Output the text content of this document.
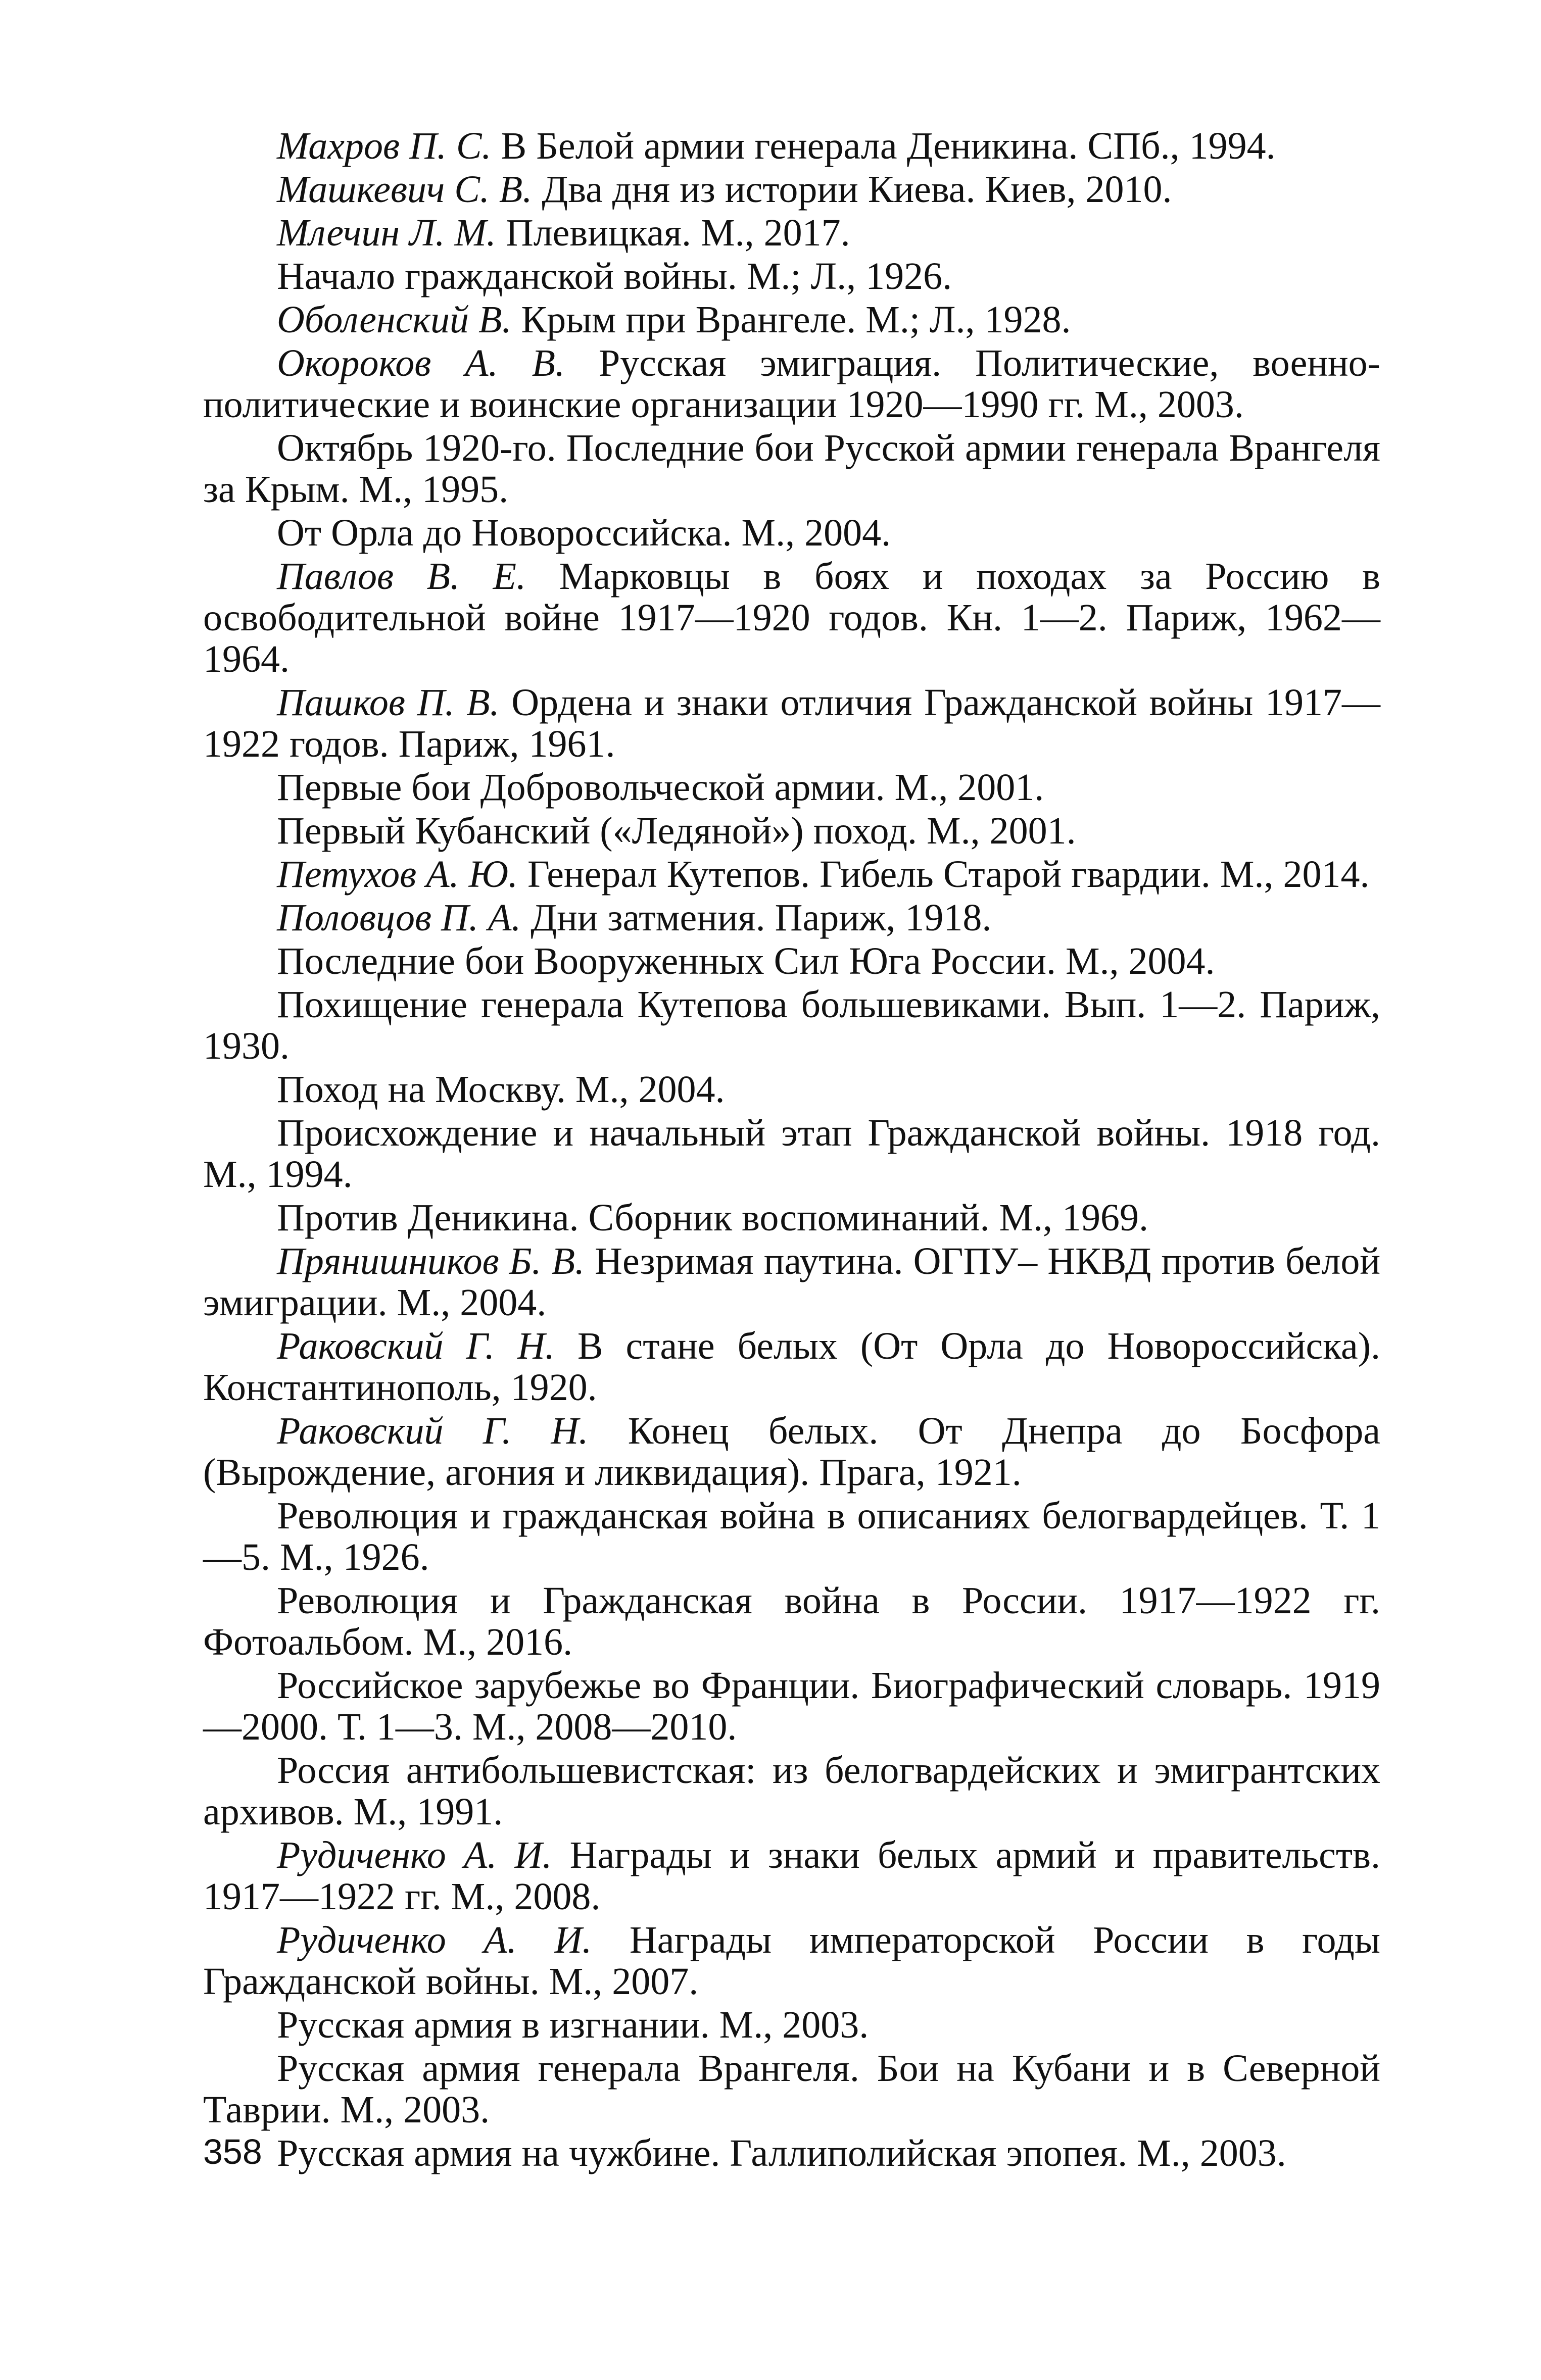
Махров П. С. В Белой армии генерала Деникина. СПб., 1994.
Машкевич С. В. Два дня из истории Киева. Киев, 2010.
Млечин Л. М. Плевицкая. М., 2017.
Начало гражданской войны. М.; Л., 1926.
Оболенский В. Крым при Врангеле. М.; Л., 1928.
Окороков А. В. Русская эмиграция. Политические, военно-политические и воинские организации 1920—1990 гг. М., 2003.
Октябрь 1920-го. Последние бои Русской армии генерала Врангеля за Крым. М., 1995.
От Орла до Новороссийска. М., 2004.
Павлов В. Е. Марковцы в боях и походах за Россию в освободительной войне 1917—1920 годов. Кн. 1—2. Париж, 1962—1964.
Пашков П. В. Ордена и знаки отличия Гражданской войны 1917—1922 годов. Париж, 1961.
Первые бои Добровольческой армии. М., 2001.
Первый Кубанский («Ледяной») поход. М., 2001.
Петухов А. Ю. Генерал Кутепов. Гибель Старой гвардии. М., 2014.
Половцов П. А. Дни затмения. Париж, 1918.
Последние бои Вооруженных Сил Юга России. М., 2004.
Похищение генерала Кутепова большевиками. Вып. 1—2. Париж, 1930.
Поход на Москву. М., 2004.
Происхождение и начальный этап Гражданской войны. 1918 год. М., 1994.
Против Деникина. Сборник воспоминаний. М., 1969.
Прянишников Б. В. Незримая паутина. ОГПУ– НКВД против белой эмиграции. М., 2004.
Раковский Г. Н. В стане белых (От Орла до Новороссийска). Константинополь, 1920.
Раковский Г. Н. Конец белых. От Днепра до Босфора (Вырождение, агония и ликвидация). Прага, 1921.
Революция и гражданская война в описаниях белогвардейцев. Т. 1—5. М., 1926.
Революция и Гражданская война в России. 1917—1922 гг. Фотоальбом. М., 2016.
Российское зарубежье во Франции. Биографический словарь. 1919—2000. Т. 1—3. М., 2008—2010.
Россия антибольшевистская: из белогвардейских и эмигрантских архивов. М., 1991.
Рудиченко А. И. Награды и знаки белых армий и правительств. 1917—1922 гг. М., 2008.
Рудиченко А. И. Награды императорской России в годы Гражданской войны. М., 2007.
Русская армия в изгнании. М., 2003.
Русская армия генерала Врангеля. Бои на Кубани и в Северной Таврии. М., 2003.
Русская армия на чужбине. Галлиполийская эпопея. М., 2003.
358
